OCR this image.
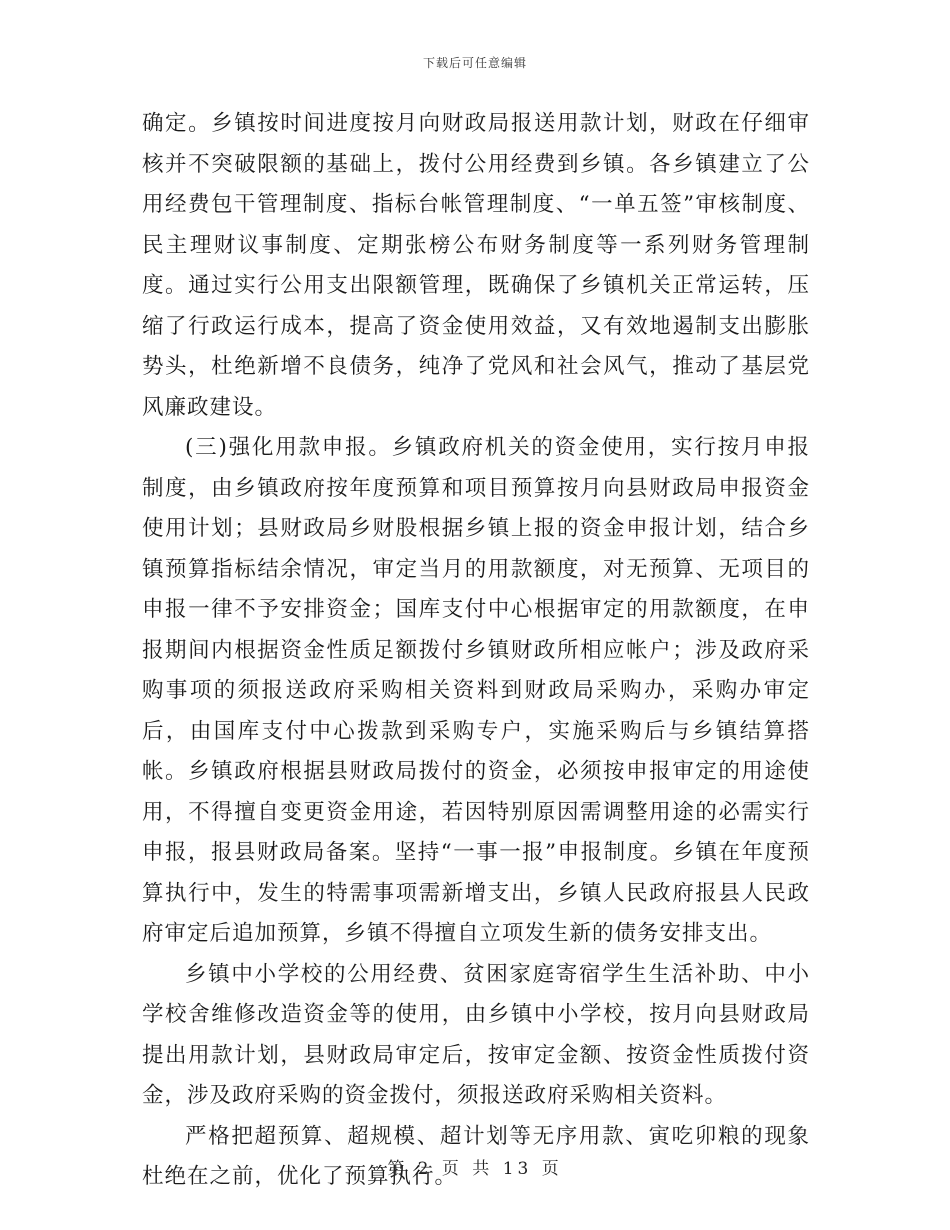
下载后可任意编辑

确定。乡镇按时间进度按月向财政局报送用款计划，财政在仔细审核并不突破限额的基础上，拨付公用经费到乡镇。各乡镇建立了公用经费包干管理制度、指标台帐管理制度、“一单五签”审核制度、民主理财议事制度、定期张榜公布财务制度等一系列财务管理制度。通过实行公用支出限额管理，既确保了乡镇机关正常运转，压缩了行政运行成本，提高了资金使用效益，又有效地遏制支出膨胀势头，杜绝新增不良债务，纯净了党风和社会风气，推动了基层党风廉政建设。

(三)强化用款申报。乡镇政府机关的资金使用，实行按月申报制度，由乡镇政府按年度预算和项目预算按月向县财政局申报资金使用计划；县财政局乡财股根据乡镇上报的资金申报计划，结合乡镇预算指标结余情况，审定当月的用款额度，对无预算、无项目的申报一律不予安排资金；国库支付中心根据审定的用款额度，在申报期间内根据资金性质足额拨付乡镇财政所相应帐户；涉及政府采购事项的须报送政府采购相关资料到财政局采购办，采购办审定后，由国库支付中心拨款到采购专户，实施采购后与乡镇结算搭帐。乡镇政府根据县财政局拨付的资金，必须按申报审定的用途使用，不得擅自变更资金用途，若因特别原因需调整用途的必需实行申报，报县财政局备案。坚持“一事一报”申报制度。乡镇在年度预算执行中，发生的特需事项需新增支出，乡镇人民政府报县人民政府审定后追加预算，乡镇不得擅自立项发生新的债务安排支出。

乡镇中小学校的公用经费、贫困家庭寄宿学生生活补助、中小学校舍维修改造资金等的使用，由乡镇中小学校，按月向县财政局提出用款计划，县财政局审定后，按审定金额、按资金性质拨付资金，涉及政府采购的资金拨付，须报送政府采购相关资料。

严格把超预算、超规模、超计划等无序用款、寅吃卯粮的现象杜绝在之前，优化了预算执行。

第 2 页 共 13 页
